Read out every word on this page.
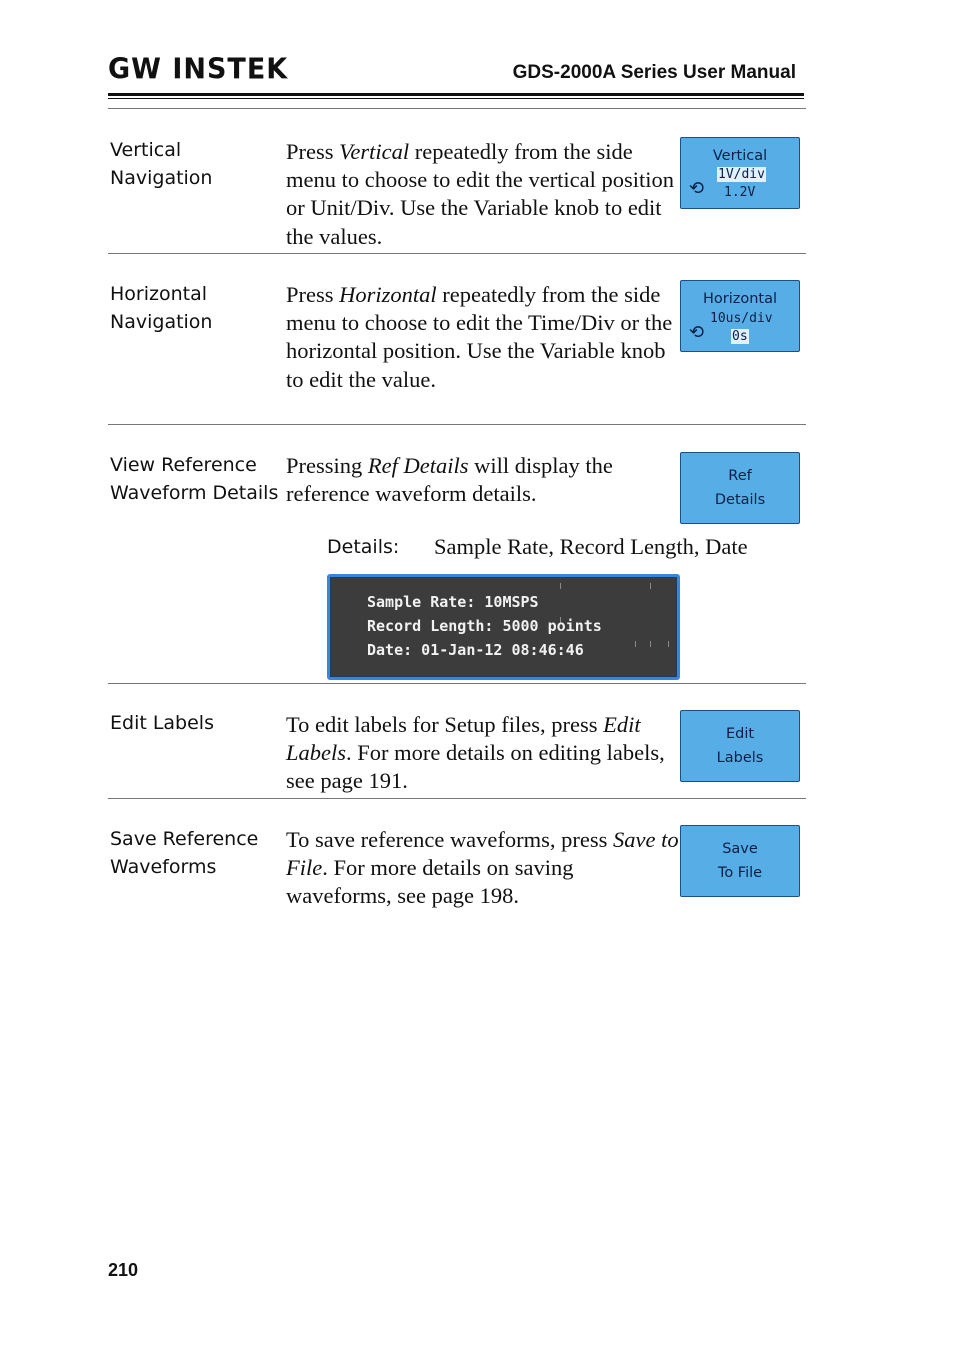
GW INSTEK	GDS-2000A Series User Manual
Vertical
Navigation
Press Vertical repeatedly from the side menu to choose to edit the vertical position or Unit/Div. Use the Variable knob to edit the values.
Vertical
⟲
1V/div
1.2V
Horizontal
Navigation
Press Horizontal repeatedly from the side menu to choose to edit the Time/Div or the horizontal position. Use the Variable knob to edit the value.
Horizontal
⟲
10us/div
0s
View Reference
Waveform Details
Pressing Ref Details will display the reference waveform details.
Ref
Details
Details: Sample Rate, Record Length, Date
Sample Rate: 10MSPS
Record Length: 5000 points
Date: 01-Jan-12 08:46:46
Edit Labels	To edit labels for Setup files, press Edit Labels. For more details on editing labels, see page 191.
Edit
Labels
Save Reference
Waveforms
To save reference waveforms, press Save to File. For more details on saving waveforms, see page 198.
Save
To File
210
